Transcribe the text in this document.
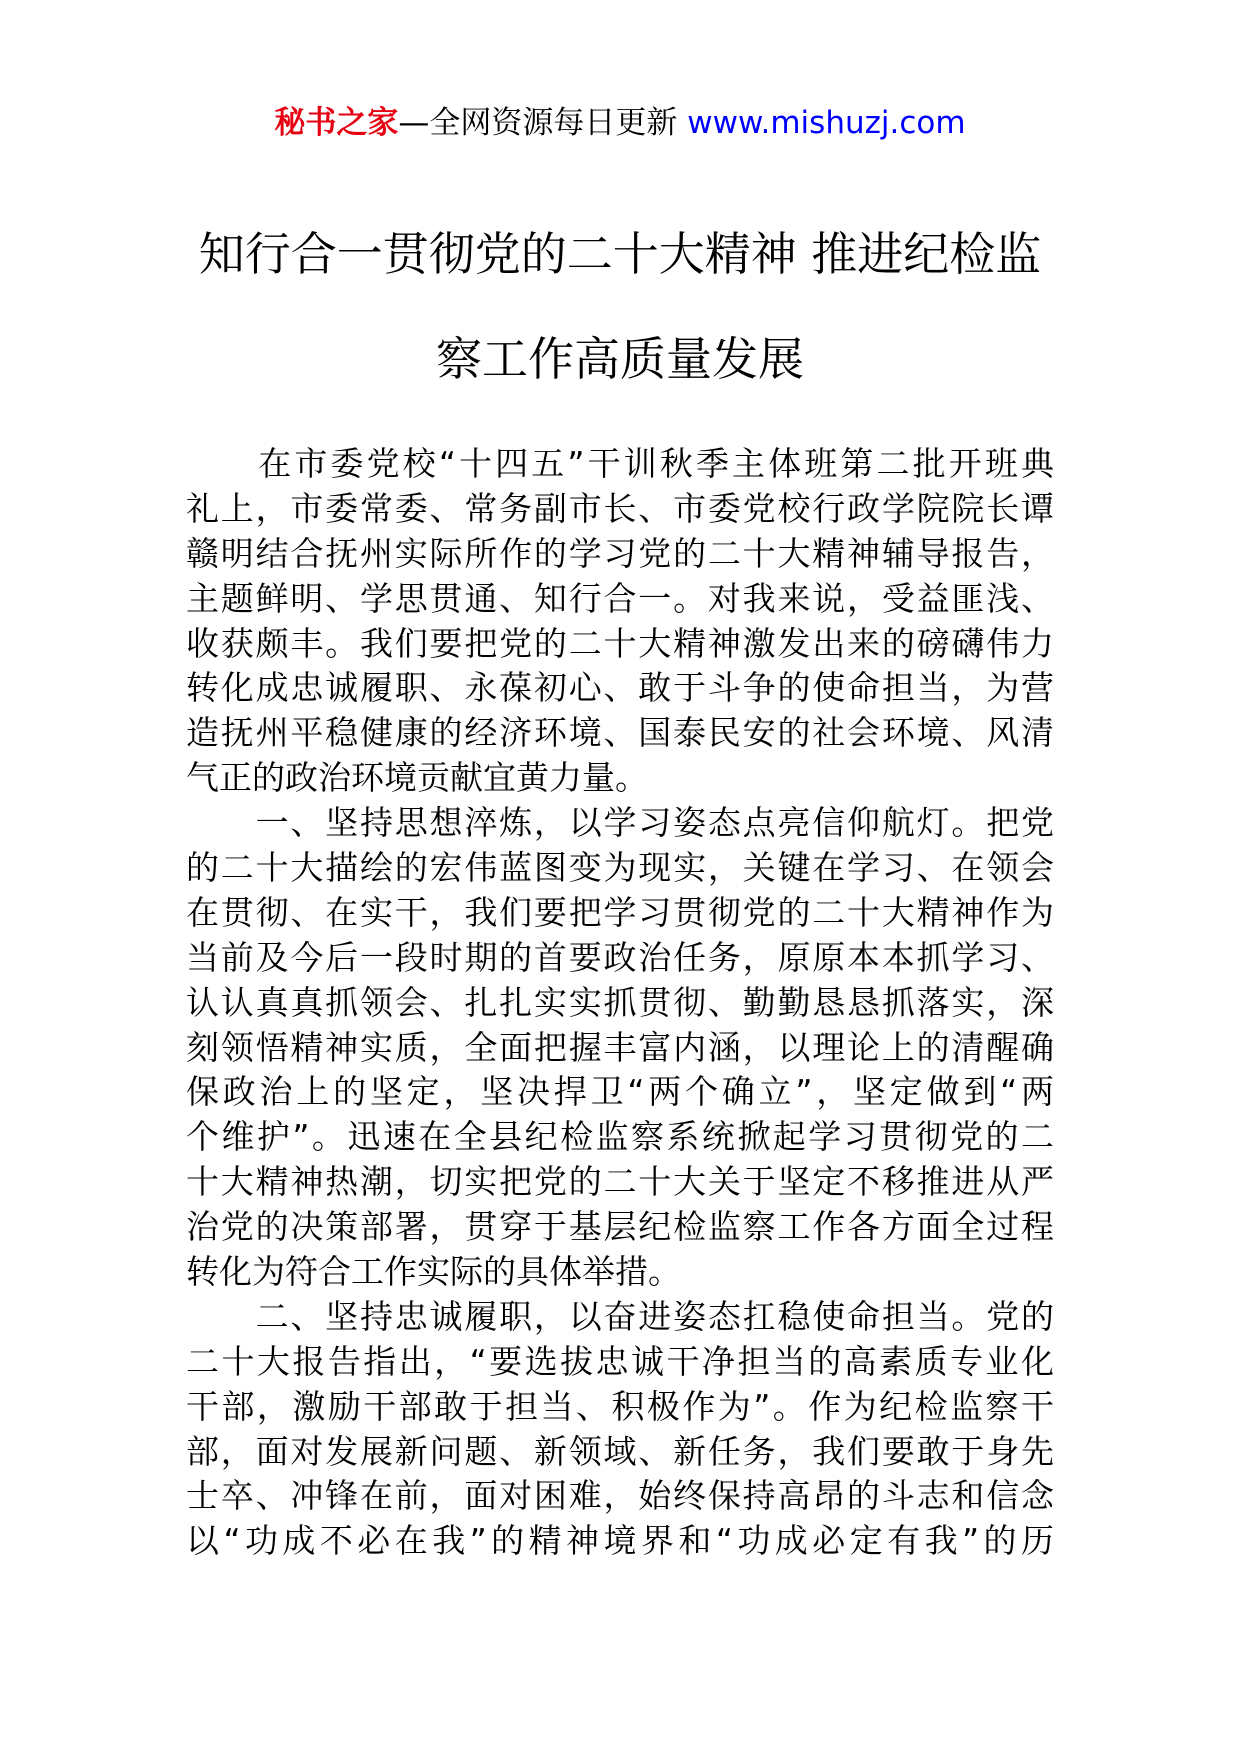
秘书之家—全网资源每日更新 www.mishuzj.com
知行合一贯彻党的二十大精神 推进纪检监
察工作高质量发展

　　在市委党校“十四五”干训秋季主体班第二批开班典
礼上，市委常委、常务副市长、市委党校行政学院院长谭
赣明结合抚州实际所作的学习党的二十大精神辅导报告，
主题鲜明、学思贯通、知行合一。对我来说，受益匪浅、
收获颇丰。我们要把党的二十大精神激发出来的磅礴伟力
转化成忠诚履职、永葆初心、敢于斗争的使命担当，为营
造抚州平稳健康的经济环境、国泰民安的社会环境、风清
气正的政治环境贡献宜黄力量。

　　一、坚持思想淬炼，以学习姿态点亮信仰航灯。把党
的二十大描绘的宏伟蓝图变为现实，关键在学习、在领会
在贯彻、在实干，我们要把学习贯彻党的二十大精神作为
当前及今后一段时期的首要政治任务，原原本本抓学习、
认认真真抓领会、扎扎实实抓贯彻、勤勤恳恳抓落实，深
刻领悟精神实质，全面把握丰富内涵，以理论上的清醒确
保政治上的坚定，坚决捍卫“两个确立”，坚定做到“两
个维护”。迅速在全县纪检监察系统掀起学习贯彻党的二
十大精神热潮，切实把党的二十大关于坚定不移推进从严
治党的决策部署，贯穿于基层纪检监察工作各方面全过程
转化为符合工作实际的具体举措。

　　二、坚持忠诚履职，以奋进姿态扛稳使命担当。党的
二十大报告指出，“要选拔忠诚干净担当的高素质专业化
干部，激励干部敢于担当、积极作为”。作为纪检监察干
部，面对发展新问题、新领域、新任务，我们要敢于身先
士卒、冲锋在前，面对困难，始终保持高昂的斗志和信念
以“功成不必在我”的精神境界和“功成必定有我”的历
